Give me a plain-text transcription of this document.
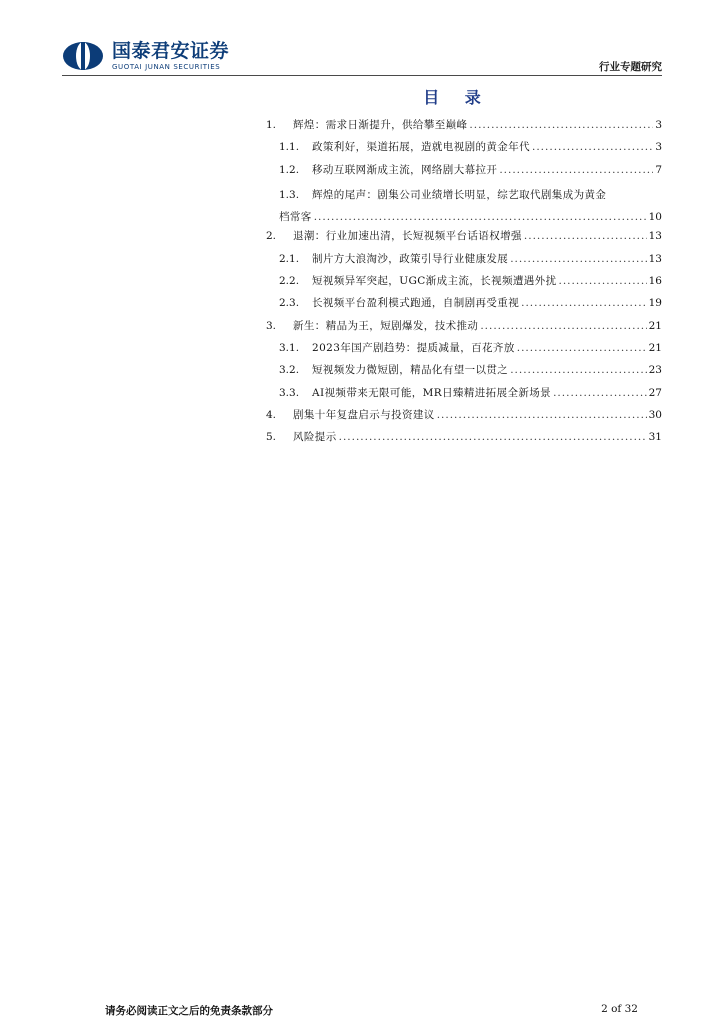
国泰君安证券
GUOTAI JUNAN SECURITIES	行业专题研究
目 录
1.	辉煌：需求日渐提升，供给攀至巅峰 .....	3
1.1.	政策利好，渠道拓展，造就电视剧的黄金年代 .....	3
1.2.	移动互联网渐成主流，网络剧大幕拉开 .....	7
1.3.	辉煌的尾声：剧集公司业绩增长明显，综艺取代剧集成为黄金
档常客 .....	10
2.	退潮：行业加速出清，长短视频平台话语权增强 .....	13
2.1.	制片方大浪淘沙，政策引导行业健康发展 .....	13
2.2.	短视频异军突起，UGC渐成主流，长视频遭遇外扰 .....	16
2.3.	长视频平台盈利模式跑通，自制剧再受重视 .....	19
3.	新生：精品为王，短剧爆发，技术推动 .....	21
3.1.	2023年国产剧趋势：提质减量，百花齐放 .....	21
3.2.	短视频发力微短剧，精品化有望一以贯之 .....	23
3.3.	AI视频带来无限可能，MR日臻精进拓展全新场景 .....	27
4.	剧集十年复盘启示与投资建议 .....	30
5.	风险提示 .....	31
请务必阅读正文之后的免责条款部分	2 of 32
